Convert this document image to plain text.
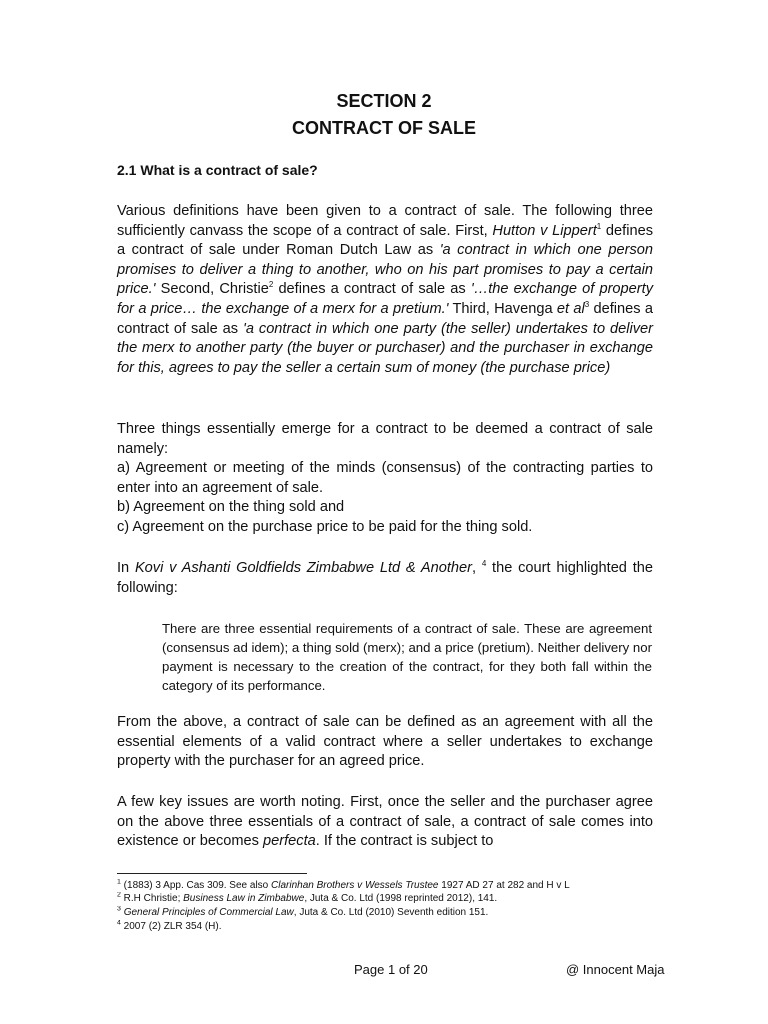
SECTION 2
CONTRACT OF SALE
2.1 What is a contract of sale?
Various definitions have been given to a contract of sale. The following three sufficiently canvass the scope of a contract of sale. First, Hutton v Lippert$^1$ defines a contract of sale under Roman Dutch Law as 'a contract in which one person promises to deliver a thing to another, who on his part promises to pay a certain price.' Second, Christie$^2$ defines a contract of sale as '…the exchange of property for a price… the exchange of a merx for a pretium.' Third, Havenga et $al^3$ defines a contract of sale as 'a contract in which one party (the seller) undertakes to deliver the merx to another party (the buyer or purchaser) and the purchaser in exchange for this, agrees to pay the seller a certain sum of money (the purchase price)
Three things essentially emerge for a contract to be deemed a contract of sale namely:
a) Agreement or meeting of the minds (consensus) of the contracting parties to enter into an agreement of sale.
b) Agreement on the thing sold and
c) Agreement on the purchase price to be paid for the thing sold.
In Kovi v Ashanti Goldfields Zimbabwe Ltd & Another, $^4$ the court highlighted the following:
There are three essential requirements of a contract of sale. These are agreement (consensus ad idem); a thing sold (merx); and a price (pretium). Neither delivery nor payment is necessary to the creation of the contract, for they both fall within the category of its performance.
From the above, a contract of sale can be defined as an agreement with all the essential elements of a valid contract where a seller undertakes to exchange property with the purchaser for an agreed price.
A few key issues are worth noting. First, once the seller and the purchaser agree on the above three essentials of a contract of sale, a contract of sale comes into existence or becomes perfecta. If the contract is subject to
$^1$ (1883) 3 App. Cas 309. See also Clarinhan Brothers v Wessels Trustee 1927 AD 27 at 282 and H v L
$^2$ R.H Christie; Business Law in Zimbabwe, Juta & Co. Ltd (1998 reprinted 2012), 141.
$^3$ General Principles of Commercial Law, Juta & Co. Ltd (2010) Seventh edition 151.
$^4$ 2007 (2) ZLR 354 (H).
Page 1 of 20	@ Innocent Maja
